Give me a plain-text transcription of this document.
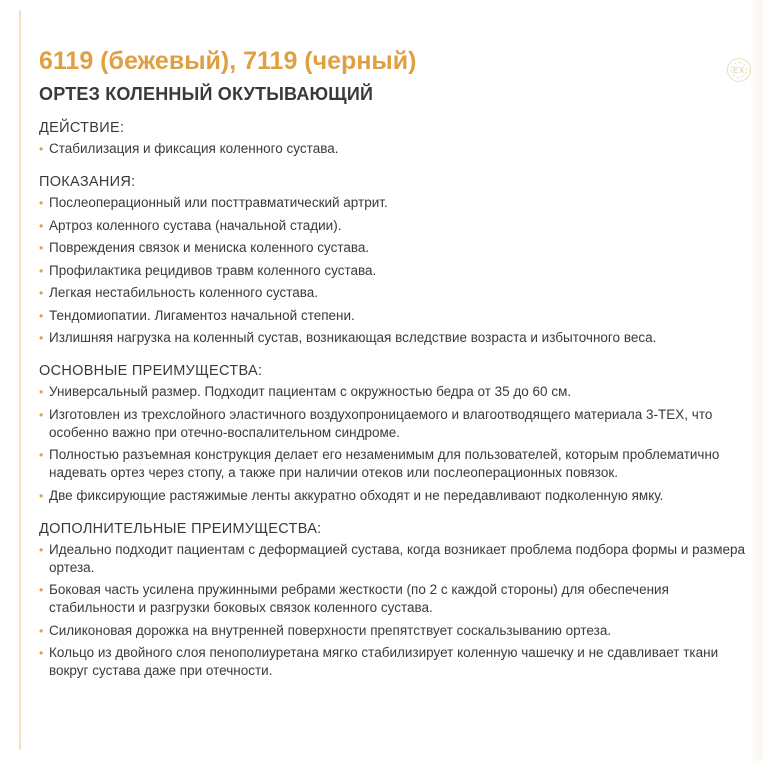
EX
6119 (бежевый), 7119 (черный)
ОРТЕЗ КОЛЕННЫЙ ОКУТЫВАЮЩИЙ
ДЕЙСТВИЕ:
• Стабилизация и фиксация коленного сустава.
ПОКАЗАНИЯ:
• Послеоперационный или посттравматический артрит.
• Артроз коленного сустава (начальной стадии).
• Повреждения связок и мениска коленного сустава.
• Профилактика рецидивов травм коленного сустава.
• Легкая нестабильность коленного сустава.
• Тендомиопатии. Лигаментоз начальной степени.
• Излишняя нагрузка на коленный сустав, возникающая вследствие возраста и избыточного веса.
ОСНОВНЫЕ ПРЕИМУЩЕСТВА:
• Универсальный размер. Подходит пациентам с окружностью бедра от 35 до 60 см.
• Изготовлен из трехслойного эластичного воздухопроницаемого и влагоотводящего материала 3-TEX, что особенно важно при отечно-воспалительном синдроме.
• Полностью разъемная конструкция делает его незаменимым для пользователей, которым проблематично надевать ортез через стопу, а также при наличии отеков или послеоперационных повязок.
• Две фиксирующие растяжимые ленты аккуратно обходят и не передавливают подколенную ямку.
ДОПОЛНИТЕЛЬНЫЕ ПРЕИМУЩЕСТВА:
• Идеально подходит пациентам с деформацией сустава, когда возникает проблема подбора формы и размера ортеза.
• Боковая часть усилена пружинными ребрами жесткости (по 2 с каждой стороны) для обеспечения стабильности и разгрузки боковых связок коленного сустава.
• Силиконовая дорожка на внутренней поверхности препятствует соскальзыванию ортеза.
• Кольцо из двойного слоя пенополиуретана мягко стабилизирует коленную чашечку и не сдавливает ткани вокруг сустава даже при отечности.
